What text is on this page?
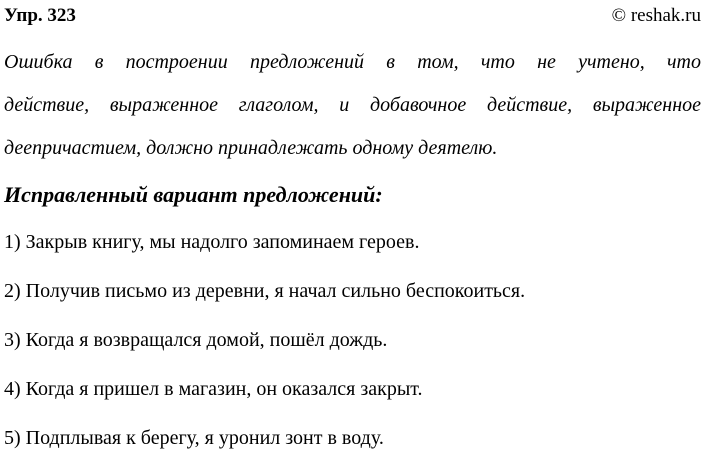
Упр. 323	© reshak.ru
Ошибка в построении предложений в том, что не учтено, что
действие, выраженное глаголом, и добавочное действие, выраженное
деепричастием, должно принадлежать одному деятелю.
Исправленный вариант предложений:
1) Закрыв книгу, мы надолго запоминаем героев.
2) Получив письмо из деревни, я начал сильно беспокоиться.
3) Когда я возвращался домой, пошёл дождь.
4) Когда я пришел в магазин, он оказался закрыт.
5) Подплывая к берегу, я уронил зонт в воду.
